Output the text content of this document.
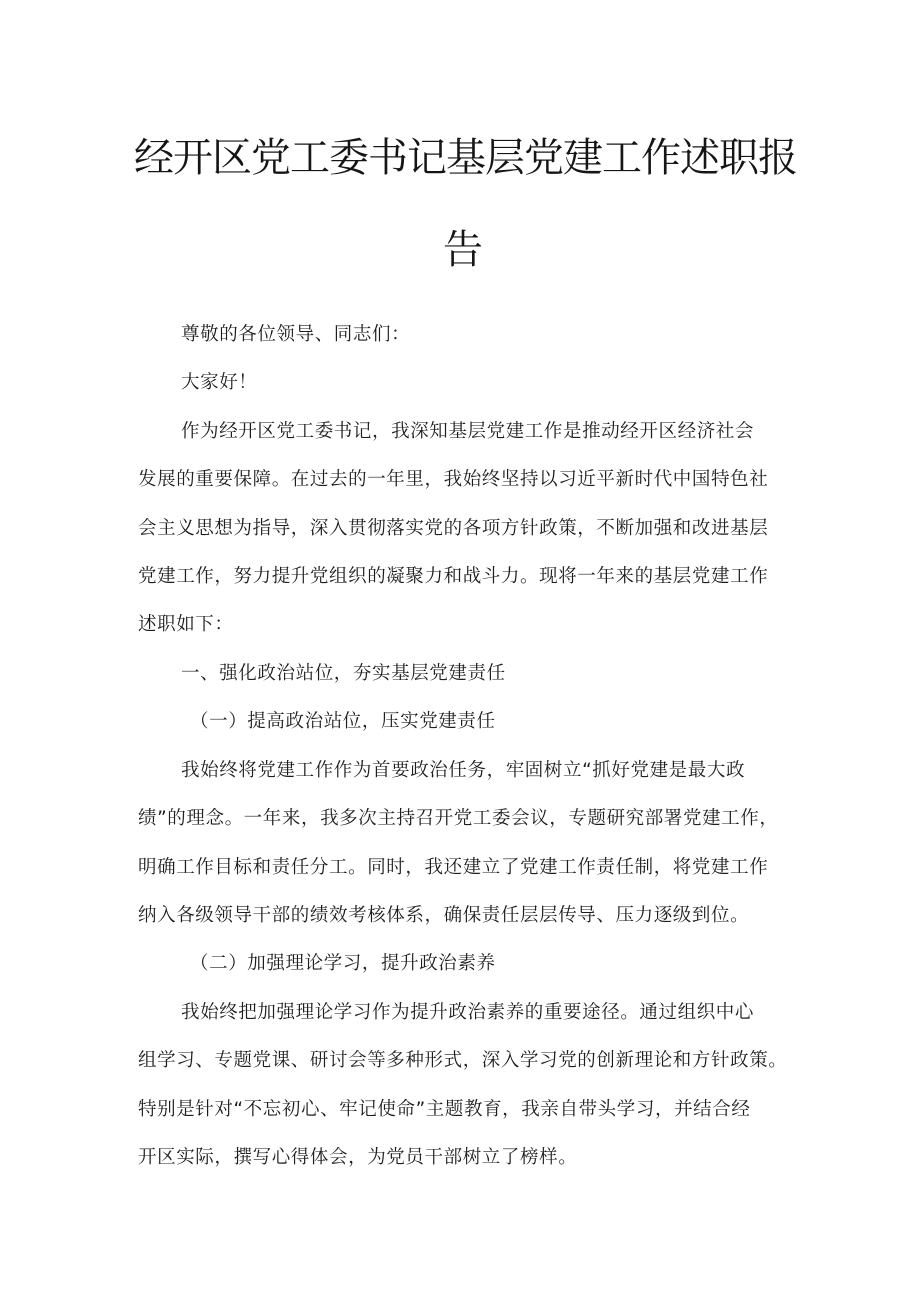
经开区党工委书记基层党建工作述职报
告
尊敬的各位领导、同志们：
大家好！
作为经开区党工委书记，我深知基层党建工作是推动经开区经济社会
发展的重要保障。在过去的一年里，我始终坚持以习近平新时代中国特色社
会主义思想为指导，深入贯彻落实党的各项方针政策，不断加强和改进基层
党建工作，努力提升党组织的凝聚力和战斗力。现将一年来的基层党建工作
述职如下：
一、强化政治站位，夯实基层党建责任
（一）提高政治站位，压实党建责任
我始终将党建工作作为首要政治任务，牢固树立“抓好党建是最大政
绩”的理念。一年来，我多次主持召开党工委会议，专题研究部署党建工作，
明确工作目标和责任分工。同时，我还建立了党建工作责任制，将党建工作
纳入各级领导干部的绩效考核体系，确保责任层层传导、压力逐级到位。
（二）加强理论学习，提升政治素养
我始终把加强理论学习作为提升政治素养的重要途径。通过组织中心
组学习、专题党课、研讨会等多种形式，深入学习党的创新理论和方针政策。
特别是针对“不忘初心、牢记使命”主题教育，我亲自带头学习，并结合经
开区实际，撰写心得体会，为党员干部树立了榜样。
